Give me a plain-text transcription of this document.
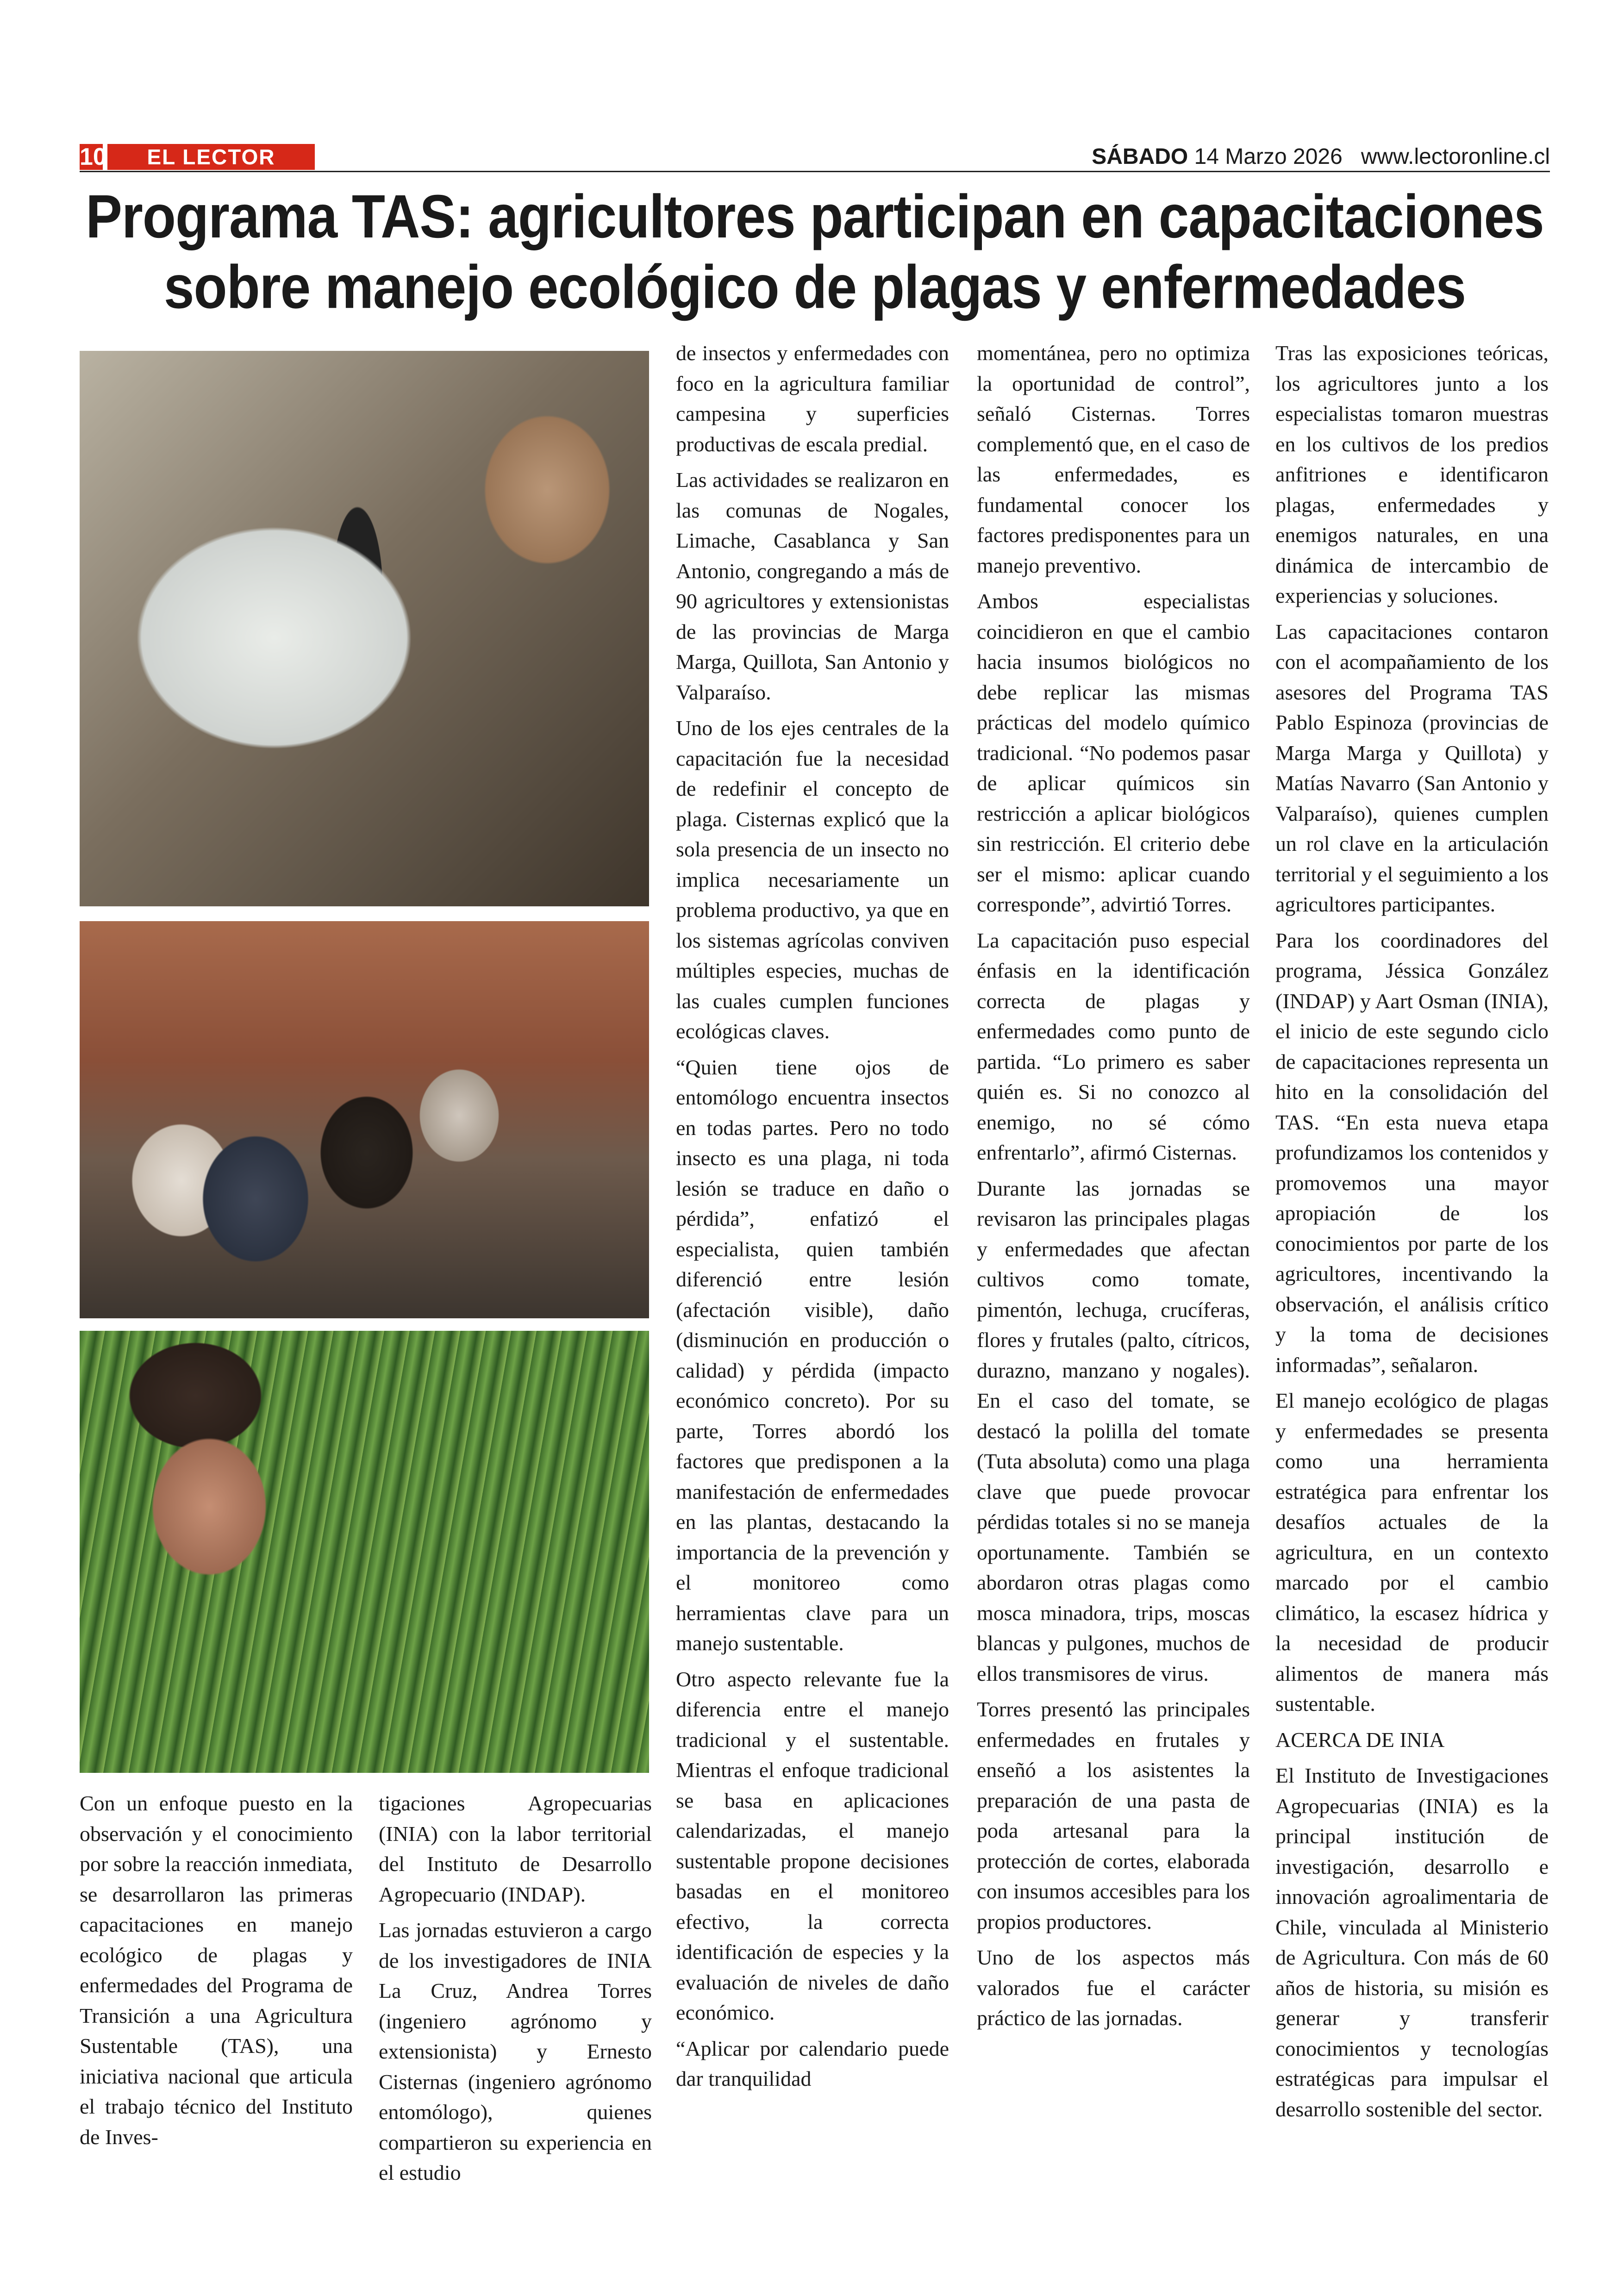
10	EL LECTOR	SÁBADO 14 Marzo 2026 www.lectoronline.cl
Programa TAS: agricultores participan en capacitaciones
sobre manejo ecológico de plagas y enfermedades

Con un enfoque puesto en la observación y el conocimiento por sobre la reacción inmediata, se desarrollaron las primeras capacitaciones en manejo ecológico de plagas y enfermedades del Programa de Transición a una Agricultura Sustentable (TAS), una iniciativa nacional que articula el trabajo técnico del Instituto de Inves-

tigaciones Agropecuarias (INIA) con la labor territorial del Instituto de Desarrollo Agropecuario (INDAP).

Las jornadas estuvieron a cargo de los investigadores de INIA La Cruz, Andrea Torres (ingeniero agrónomo y extensionista) y Ernesto Cisternas (ingeniero agrónomo entomólogo), quienes compartieron su experiencia en el estudio

de insectos y enfermedades con foco en la agricultura familiar campesina y superficies productivas de escala predial.

Las actividades se realizaron en las comunas de Nogales, Limache, Casablanca y San Antonio, congregando a más de 90 agricultores y extensionistas de las provincias de Marga Marga, Quillota, San Antonio y Valparaíso.

Uno de los ejes centrales de la capacitación fue la necesidad de redefinir el concepto de plaga. Cisternas explicó que la sola presencia de un insecto no implica necesariamente un problema productivo, ya que en los sistemas agrícolas conviven múltiples especies, muchas de las cuales cumplen funciones ecológicas claves.

“Quien tiene ojos de entomólogo encuentra insectos en todas partes. Pero no todo insecto es una plaga, ni toda lesión se traduce en daño o pérdida”, enfatizó el especialista, quien también diferenció entre lesión (afectación visible), daño (disminución en producción o calidad) y pérdida (impacto económico concreto). Por su parte, Torres abordó los factores que predisponen a la manifestación de enfermedades en las plantas, destacando la importancia de la prevención y el monitoreo como herramientas clave para un manejo sustentable.

Otro aspecto relevante fue la diferencia entre el manejo tradicional y el sustentable. Mientras el enfoque tradicional se basa en aplicaciones calendarizadas, el manejo sustentable propone decisiones basadas en el monitoreo efectivo, la correcta identificación de especies y la evaluación de niveles de daño económico.

“Aplicar por calendario puede dar tranquilidad

momentánea, pero no optimiza la oportunidad de control”, señaló Cisternas. Torres complementó que, en el caso de las enfermedades, es fundamental conocer los factores predisponentes para un manejo preventivo.

Ambos especialistas coincidieron en que el cambio hacia insumos biológicos no debe replicar las mismas prácticas del modelo químico tradicional. “No podemos pasar de aplicar químicos sin restricción a aplicar biológicos sin restricción. El criterio debe ser el mismo: aplicar cuando corresponde”, advirtió Torres.

La capacitación puso especial énfasis en la identificación correcta de plagas y enfermedades como punto de partida. “Lo primero es saber quién es. Si no conozco al enemigo, no sé cómo enfrentarlo”, afirmó Cisternas.

Durante las jornadas se revisaron las principales plagas y enfermedades que afectan cultivos como tomate, pimentón, lechuga, crucíferas, flores y frutales (palto, cítricos, durazno, manzano y nogales). En el caso del tomate, se destacó la polilla del tomate (Tuta absoluta) como una plaga clave que puede provocar pérdidas totales si no se maneja oportunamente. También se abordaron otras plagas como mosca minadora, trips, moscas blancas y pulgones, muchos de ellos transmisores de virus.

Torres presentó las principales enfermedades en frutales y enseñó a los asistentes la preparación de una pasta de poda artesanal para la protección de cortes, elaborada con insumos accesibles para los propios productores.

Uno de los aspectos más valorados fue el carácter práctico de las jornadas.

Tras las exposiciones teóricas, los agricultores junto a los especialistas tomaron muestras en los cultivos de los predios anfitriones e identificaron plagas, enfermedades y enemigos naturales, en una dinámica de intercambio de experiencias y soluciones.

Las capacitaciones contaron con el acompañamiento de los asesores del Programa TAS Pablo Espinoza (provincias de Marga Marga y Quillota) y Matías Navarro (San Antonio y Valparaíso), quienes cumplen un rol clave en la articulación territorial y el seguimiento a los agricultores participantes.

Para los coordinadores del programa, Jéssica González (INDAP) y Aart Osman (INIA), el inicio de este segundo ciclo de capacitaciones representa un hito en la consolidación del TAS. “En esta nueva etapa profundizamos los contenidos y promovemos una mayor apropiación de los conocimientos por parte de los agricultores, incentivando la observación, el análisis crítico y la toma de decisiones informadas”, señalaron.

El manejo ecológico de plagas y enfermedades se presenta como una herramienta estratégica para enfrentar los desafíos actuales de la agricultura, en un contexto marcado por el cambio climático, la escasez hídrica y la necesidad de producir alimentos de manera más sustentable.

ACERCA DE INIA

El Instituto de Investigaciones Agropecuarias (INIA) es la principal institución de investigación, desarrollo e innovación agroalimentaria de Chile, vinculada al Ministerio de Agricultura. Con más de 60 años de historia, su misión es generar y transferir conocimientos y tecnologías estratégicas para impulsar el desarrollo sostenible del sector.
